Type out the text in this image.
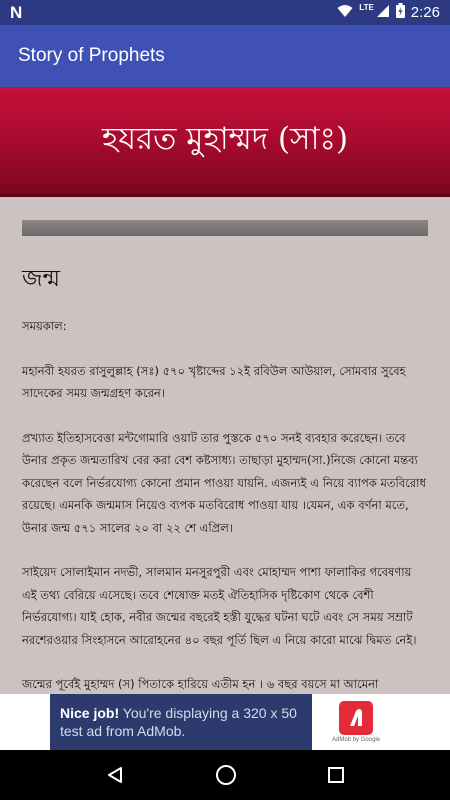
N	LTE 2:26
Story of Prophets
হযরত মুহাম্মদ (সাঃ)
জন্ম

সময়কাল:

মহানবী হযরত রাসুলুল্লাহ (সঃ) ৫৭০ খৃষ্টাব্দের ১২ই রবিউল আউয়াল, সোমবার সুবেহ সাদেকের সময় জন্মগ্রহণ করেন।

প্রখ্যাত ইতিহাসবেত্তা মন্টগোমারি ওয়াট তার পুস্তকে ৫৭০ সনই ব্যবহার করেছেন। তবে উনার প্রকৃত জন্মতারিখ বের করা বেশ কষ্টসাধ্য। তাছাড়া মুহাম্মদ(সা.)নিজে কোনো মন্তব্য করেছেন বলে নির্ভরযোগ্য কোনো প্রমান পাওয়া যায়নি. এজন্যই এ নিয়ে ব্যাপক মতবিরোধ রয়েছে। এমনকি জন্মমাস নিয়েও ব্যপক মতবিরোধ পাওয়া যায় ।যেমন, এক বর্ণনা মতে, উনার জন্ম ৫৭১ সালের ২০ বা ২২ শে এপ্রিল।

সাইয়েদ সোলাইমান নদভী, সালমান মনসুরপুরী এবং মোহাম্মদ পাশা ফালাকির গবেষণায় এই তথ্য বেরিয়ে এসেছে। তবে শেষোক্ত মতই ঐতিহাসিক দৃষ্টিকোণ থেকে বেশী নির্ভরযোগ্য। যাই হোক, নবীর জন্মের বছরেই হস্তী যুদ্ধের ঘটনা ঘটে এবং সে সময় সম্রাট নরশেরওয়ার সিংহাসনে আরোহনের ৪০ বছর পূর্তি ছিল এ নিয়ে কারো মাঝে দ্বিমত নেই।

জন্মের পূর্বেই মুহাম্মদ (স) পিতাকে হারিয়ে এতীম হন । ৬ বছর বয়সে মা আমেনা

Nice job! You're displaying a 320 x 50 test ad from AdMob.
AdMob by Google
